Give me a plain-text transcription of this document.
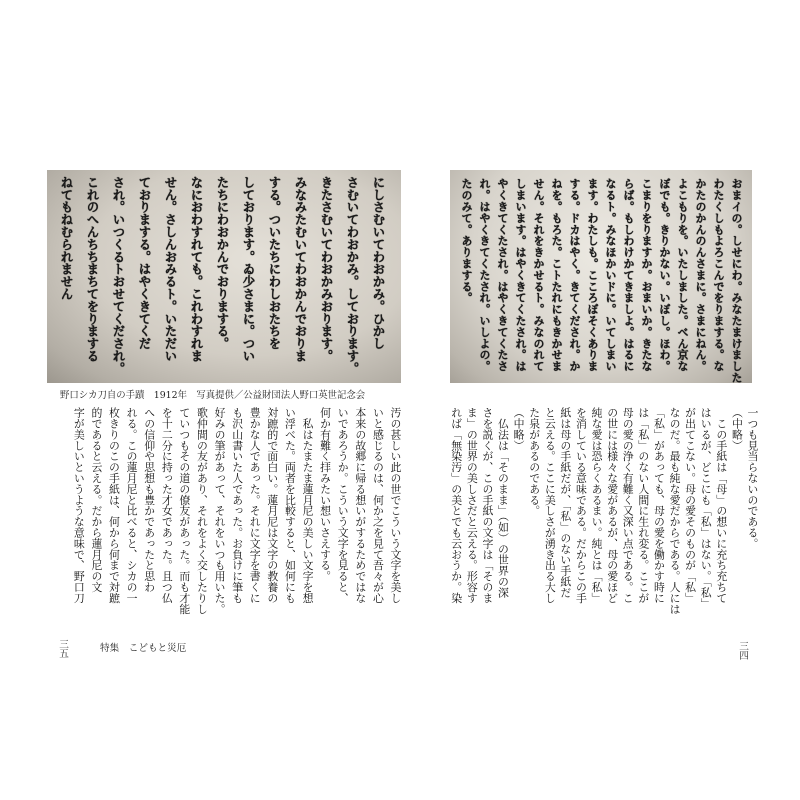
にしさむいてわおかみ。ひかし
さむいてわおかみ。しております。
きたさむいてわおかみおります。
みなみたむいてわおかんでおりま
する。ついたちにわしおたちを
しております。ゐ少さまに。つい
たちにわおかんでおりまする。
なにおわすれても。これわすれま
せん。さしんおみるト。いただい
ておりまする。はやくきてくだ
され。いつくるトおせてくだされ。
これのへんちちまちてをりまする
ねてもねむられません
野口シカ刀自の手蹟　1912年　写真提供／公益財団法人野口英世記念会
おまイの。しせにわ。みなたまけました
わたくしもよろこんでをりまする。な
かたのかんのんさまに。さまにねん。
よこもりを。いたしました。べん京な
ぼでも。きりかない。いぼし。ほわ。
こまりをりますか。おまいか。きたな
らば。もしわけかてきましよ。はるに
なるト。みなほかいドに。いてしまい
ます。わたしも。こころぼそくありま
する。ドカはやく。きてくだされ。か
ねを。もろた。こトたれにもきかせま
せん。それをきかせるト。みなのれて
しまいます。はやくきてくたされ。は
やくきてくたされ。はやくきてくたさ
れ。はやくきてくたされ。いしよの。
たのみて。ありまする。
一つも見当らないのである。
（中略）
　この手紙は「母」の想いに充ち充ちて
はいるが、どこにも「私」はない。「私」
が出てこない。母の愛そのものが「私」
なのだ。最も純な愛だからである。人には
「私」があっても、母の愛を働かす時に
は「私」のない人間に生れ変る。ここが
母の愛の浄く有難く又深い点である。こ
の世には様々な愛があるが、母の愛ほど
純な愛は恐らくあるまい。純とは「私」
を消している意味である。だからこの手
紙は母の手紙だが、「私」のない手紙だ
と云える。ここに美しさが湧き出る大し
た泉があるのである。
（中略）
　仏法は「そのまま」（如）の世界の深
さを説くが、この手紙の文字は「そのま
ま」の世界の美しさだと云える。形容す
れば「無染汚」の美とでも云おうか。染
汚の甚しい此の世でこういう文字を美し
いと感じるのは、何か之を見て吾々が心
本来の故郷に帰る想いがするためではな
いであろうか。こういう文字を見ると、
何か有難く拝みたい想いさえする。
　私はたまたま蓮月尼の美しい文字を想
い浮べた。両者を比較すると、如何にも
対蹠的で面白い。蓮月尼は文字の教養の
豊かな人であった。それに文字を書くに
も沢山書いた人であった。お負けに筆も
好みの筆があって、それをいつも用いた。
歌仲間の友があり、それをよく交したりし
ていつもその道の僚友があった。而も才能
を十二分に持った才女であった。且つ仏
への信仰や思想も豊かであったと思わ
れる。この蓮月尼と比べると、シカの一
枚きりのこの手紙は、何から何まで対蹠
的であると云える。だから蓮月尼の文
字が美しいというような意味で、野口刀
三五	特集　こどもと災厄	三四
